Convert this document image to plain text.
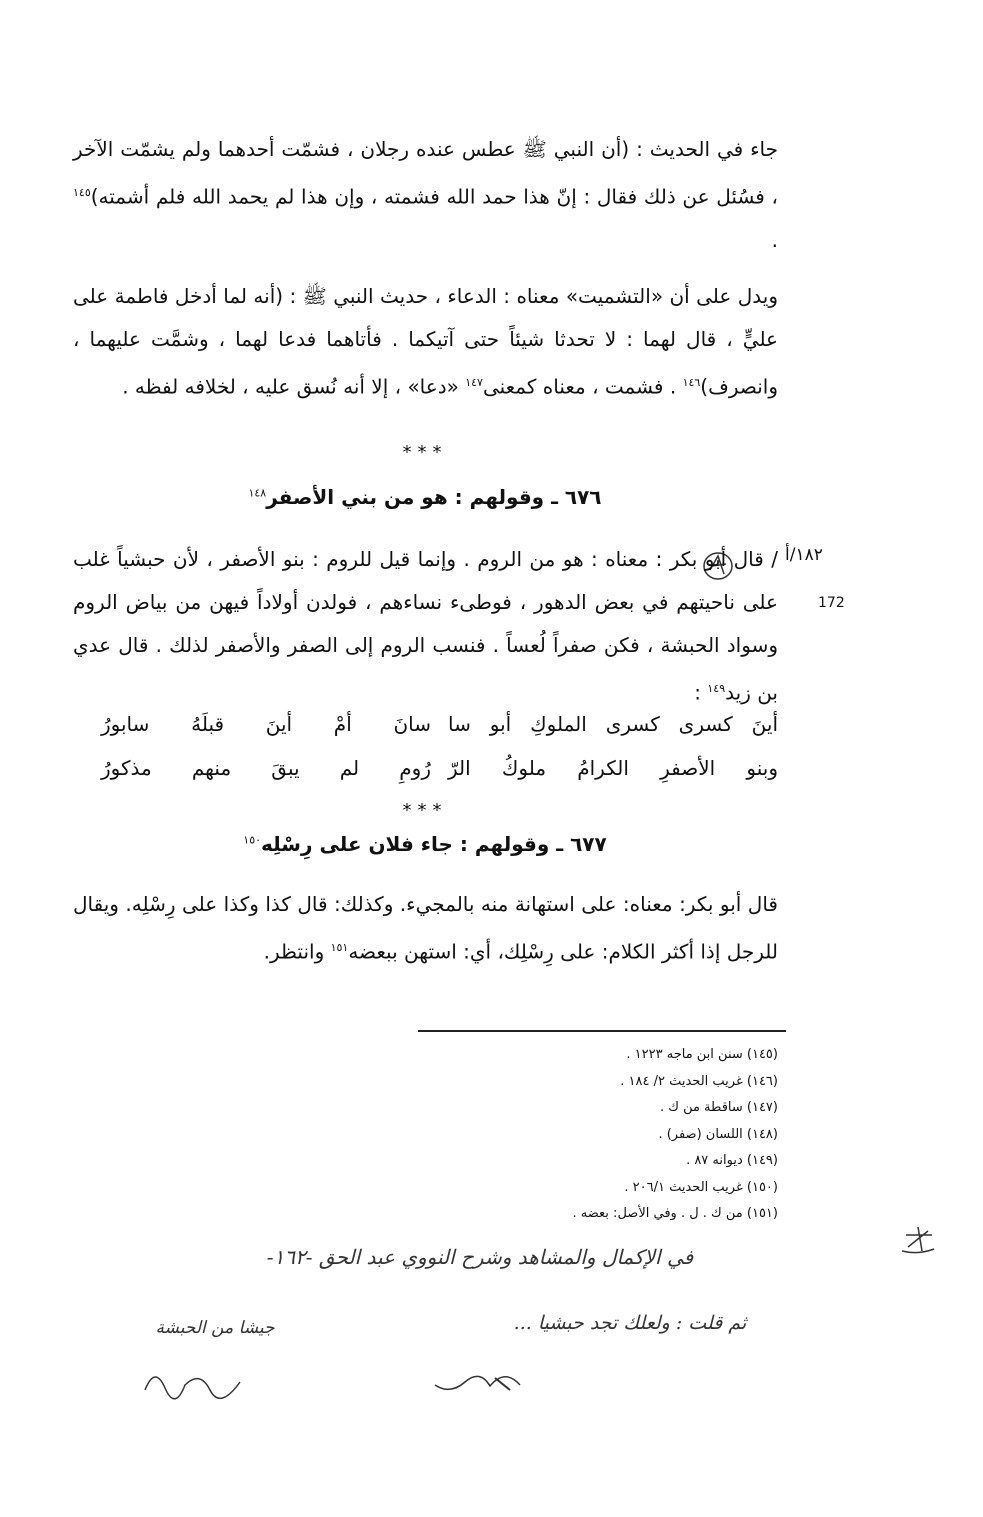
جاء في الحديث : (أن النبي ﷺ عطس عنده رجلان ، فشمّت أحدهما ولم يشمّت الآخر ، فسُئل عن ذلك فقال : إنّ هذا حمد الله فشمته ، وإن هذا لم يحمد الله فلم أشمته)$^{١٤٥}$ .

ويدل على أن «التشميت» معناه : الدعاء ، حديث النبي ﷺ : (أنه لما أدخل فاطمة على عليٍّ ، قال لهما : لا تحدثا شيئاً حتى آتيكما . فأتاهما فدعا لهما ، وشمَّت عليهما ، وانصرف)$^{١٤٦}$ . فشمت ، معناه كمعنى$^{١٤٧}$ «دعا» ، إلا أنه نُسق عليه ، لخلافه لفظه .

***
٦٧٦ ـ وقولهم : هو من بني الأصفر$^{١٤٨}$
١٨٢/أ
172

/ قال أبو بكر : معناه : هو من الروم . وإنما قيل للروم : بنو الأصفر ، لأن حبشياً غلب على ناحيتهم في بعض الدهور ، فوطىء نساءهم ، فولدن أولاداً فيهن من بياض الروم وسواد الحبشة ، فكن صفراً لُعساً . فنسب الروم إلى الصفر والأصفر لذلك . قال عدي بن زيد$^{١٤٩}$ :

أينَ كسرى كسرى الملوكِ أبو سا
سانَ أمْ أينَ قبلَهُ سابورُ
وبنو الأصفرِ الكرامُ ملوكُ الرّ
رُومِ لم يبقَ منهم مذكورُ
***
٦٧٧ ـ وقولهم : جاء فلان على رِسْلِه$^{١٥٠}$

قال أبو بكر: معناه: على استهانة منه بالمجيء. وكذلك: قال كذا وكذا على رِسْلِه. ويقال للرجل إذا أكثر الكلام: على رِسْلِك، أي: استهن ببعضه$^{١٥١}$ وانتظر.

(١٤٥) سنن ابن ماجه ١٢٢٣ .
(١٤٦) غريب الحديث ٢/ ١٨٤ .
(١٤٧) ساقطة من ك .
(١٤٨) اللسان (صفر) .
(١٤٩) ديوانه ٨٧ .
(١٥٠) غريب الحديث ٢٠٦/١ .
(١٥١) من ك . ل . وفي الأصل: بعضه .
في الإكمال والمشاهد وشرح النووي عبد الحق -١٦٢-
ثم قلت : ولعلك تجد حبشيا ...
جيشا من الحبشة
